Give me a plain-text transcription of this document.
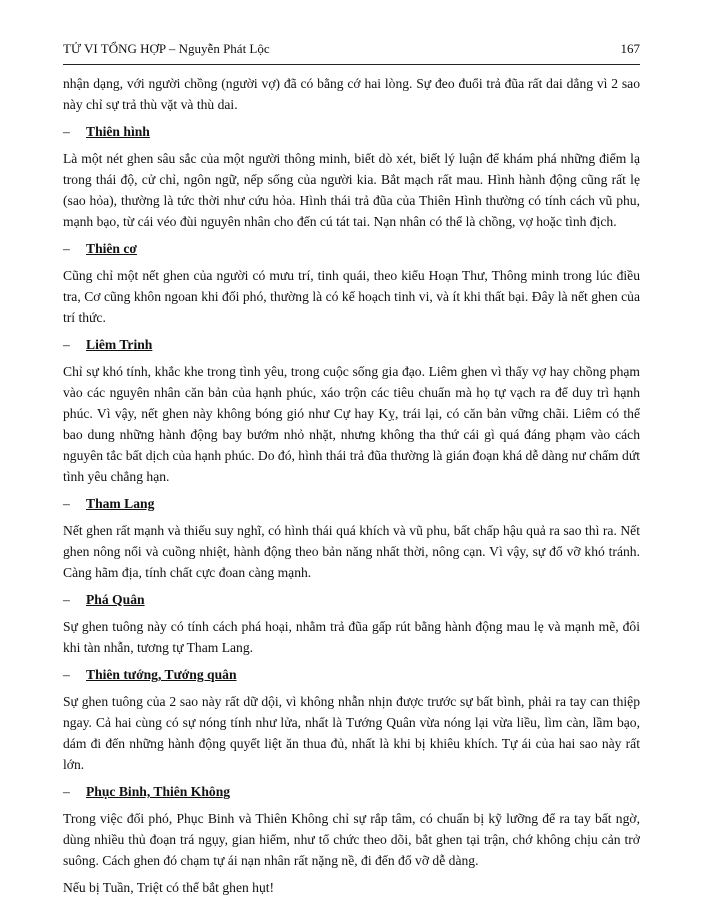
TỬ VI TỔNG HỢP – Nguyễn Phát Lộc	167

nhận dạng, với người chồng (người vợ) đã có bằng cớ hai lòng. Sự đeo đuổi trả đũa rất dai dẳng vì 2 sao này chỉ sự trả thù vặt và thù dai.

–	Thiên hình

Là một nét ghen sâu sắc của một người thông minh, biết dò xét, biết lý luận để khám phá những điểm lạ trong thái độ, cử chỉ, ngôn ngữ, nếp sống của người kia. Bắt mạch rất mau. Hình hành động cũng rất lẹ (sao hỏa), thường là tức thời như cứu hỏa. Hình thái trả đũa của Thiên Hình thường có tính cách vũ phu, mạnh bạo, từ cái véo đùi nguyên nhân cho đến cú tát tai. Nạn nhân có thể là chồng, vợ hoặc tình địch.

–	Thiên cơ

Cũng chỉ một nết ghen của người có mưu trí, tinh quái, theo kiểu Hoạn Thư, Thông minh trong lúc điều tra, Cơ cũng khôn ngoan khi đối phó, thường là có kế hoạch tinh vi, và ít khi thất bại. Đây là nết ghen của trí thức.

–	Liêm Trinh

Chỉ sự khó tính, khắc khe trong tình yêu, trong cuộc sống gia đạo. Liêm ghen vì thấy vợ hay chồng phạm vào các nguyên nhân căn bản của hạnh phúc, xáo trộn các tiêu chuẩn mà họ tự vạch ra để duy trì hạnh phúc. Vì vậy, nết ghen này không bóng gió như Cự hay Kỵ, trái lại, có căn bản vững chãi. Liêm có thể bao dung những hành động bay bướm nhỏ nhặt, nhưng không tha thứ cái gì quá đáng phạm vào cách nguyên tắc bất dịch của hạnh phúc. Do đó, hình thái trả đũa thường là gián đoạn khá dễ dàng nư chấm dứt tình yêu chẳng hạn.

–	Tham Lang

Nết ghen rất mạnh và thiếu suy nghĩ, có hình thái quá khích và vũ phu, bất chấp hậu quả ra sao thì ra. Nết ghen nông nổi và cuồng nhiệt, hành động theo bản năng nhất thời, nông cạn. Vì vậy, sự đổ vỡ khó tránh. Càng hãm địa, tính chất cực đoan càng mạnh.

–	Phá Quân

Sự ghen tuông này có tính cách phá hoại, nhằm trả đũa gấp rút bằng hành động mau lẹ và mạnh mẽ, đôi khi tàn nhẫn, tương tự Tham Lang.

–	Thiên tướng, Tướng quân

Sự ghen tuông của 2 sao này rất dữ dội, vì không nhẫn nhịn được trước sự bất bình, phải ra tay can thiệp ngay. Cả hai cùng có sự nóng tính như lửa, nhất là Tướng Quân vừa nóng lại vừa liều, lìm càn, lầm bạo, dám đi đến những hành động quyết liệt ăn thua đủ, nhất là khi bị khiêu khích. Tự ái của hai sao này rất lớn.

–	Phục Binh, Thiên Không

Trong việc đối phó, Phục Binh và Thiên Không chỉ sự rắp tâm, có chuẩn bị kỹ lưỡng để ra tay bất ngờ, dùng nhiều thủ đoạn trá ngụy, gian hiểm, như tổ chức theo dõi, bắt ghen tại trận, chớ không chịu cản trở suông. Cách ghen đó chạm tự ái nạn nhân rất nặng nề, đi đến đổ vỡ dễ dàng.

Nếu bị Tuần, Triệt có thể bắt ghen hụt!
